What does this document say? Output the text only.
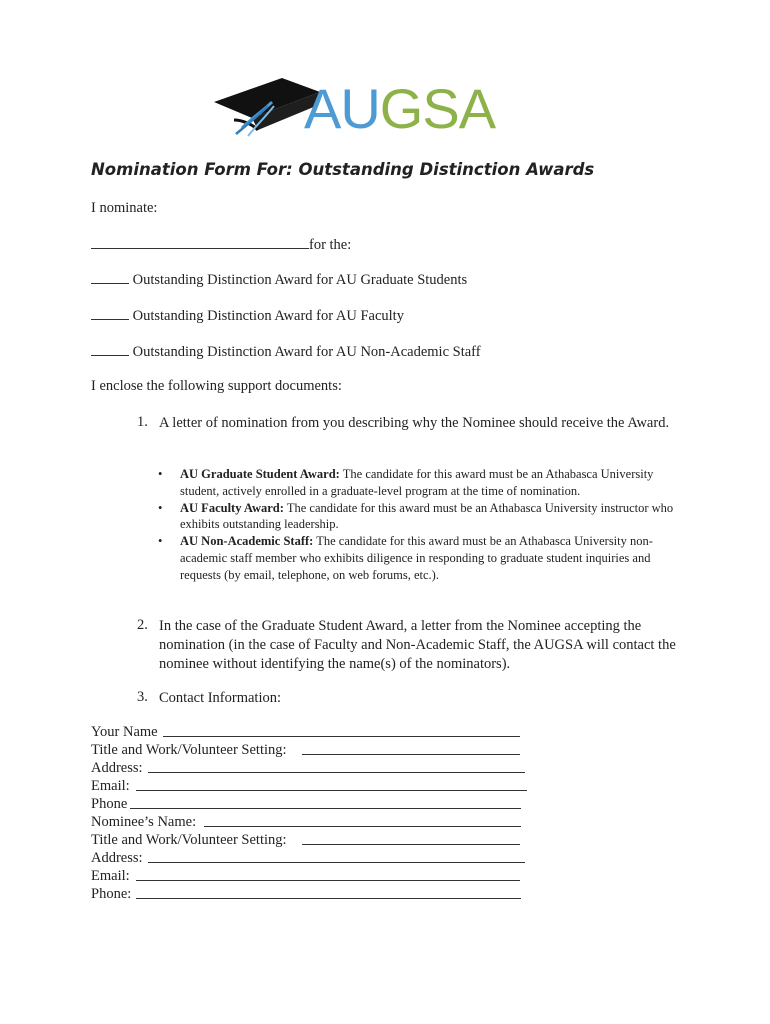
AUGSA
Nomination Form For: Outstanding Distinction Awards
I nominate:
for the:
Outstanding Distinction Award for AU Graduate Students
Outstanding Distinction Award for AU Faculty
Outstanding Distinction Award for AU Non-Academic Staff
I enclose the following support documents:
1. A letter of nomination from you describing why the Nominee should receive the Award.
• AU Graduate Student Award: The candidate for this award must be an Athabasca University student, actively enrolled in a graduate-level program at the time of nomination.
• AU Faculty Award: The candidate for this award must be an Athabasca University instructor who exhibits outstanding leadership.
• AU Non-Academic Staff: The candidate for this award must be an Athabasca University non-academic staff member who exhibits diligence in responding to graduate student inquiries and requests (by email, telephone, on web forums, etc.).
2. In the case of the Graduate Student Award, a letter from the Nominee accepting the nomination (in the case of Faculty and Non-Academic Staff, the AUGSA will contact the nominee without identifying the name(s) of the nominators).
3. Contact Information:
Your Name
Title and Work/Volunteer Setting:
Address:
Email:
Phone
Nominee’s Name:
Title and Work/Volunteer Setting:
Address:
Email:
Phone:
